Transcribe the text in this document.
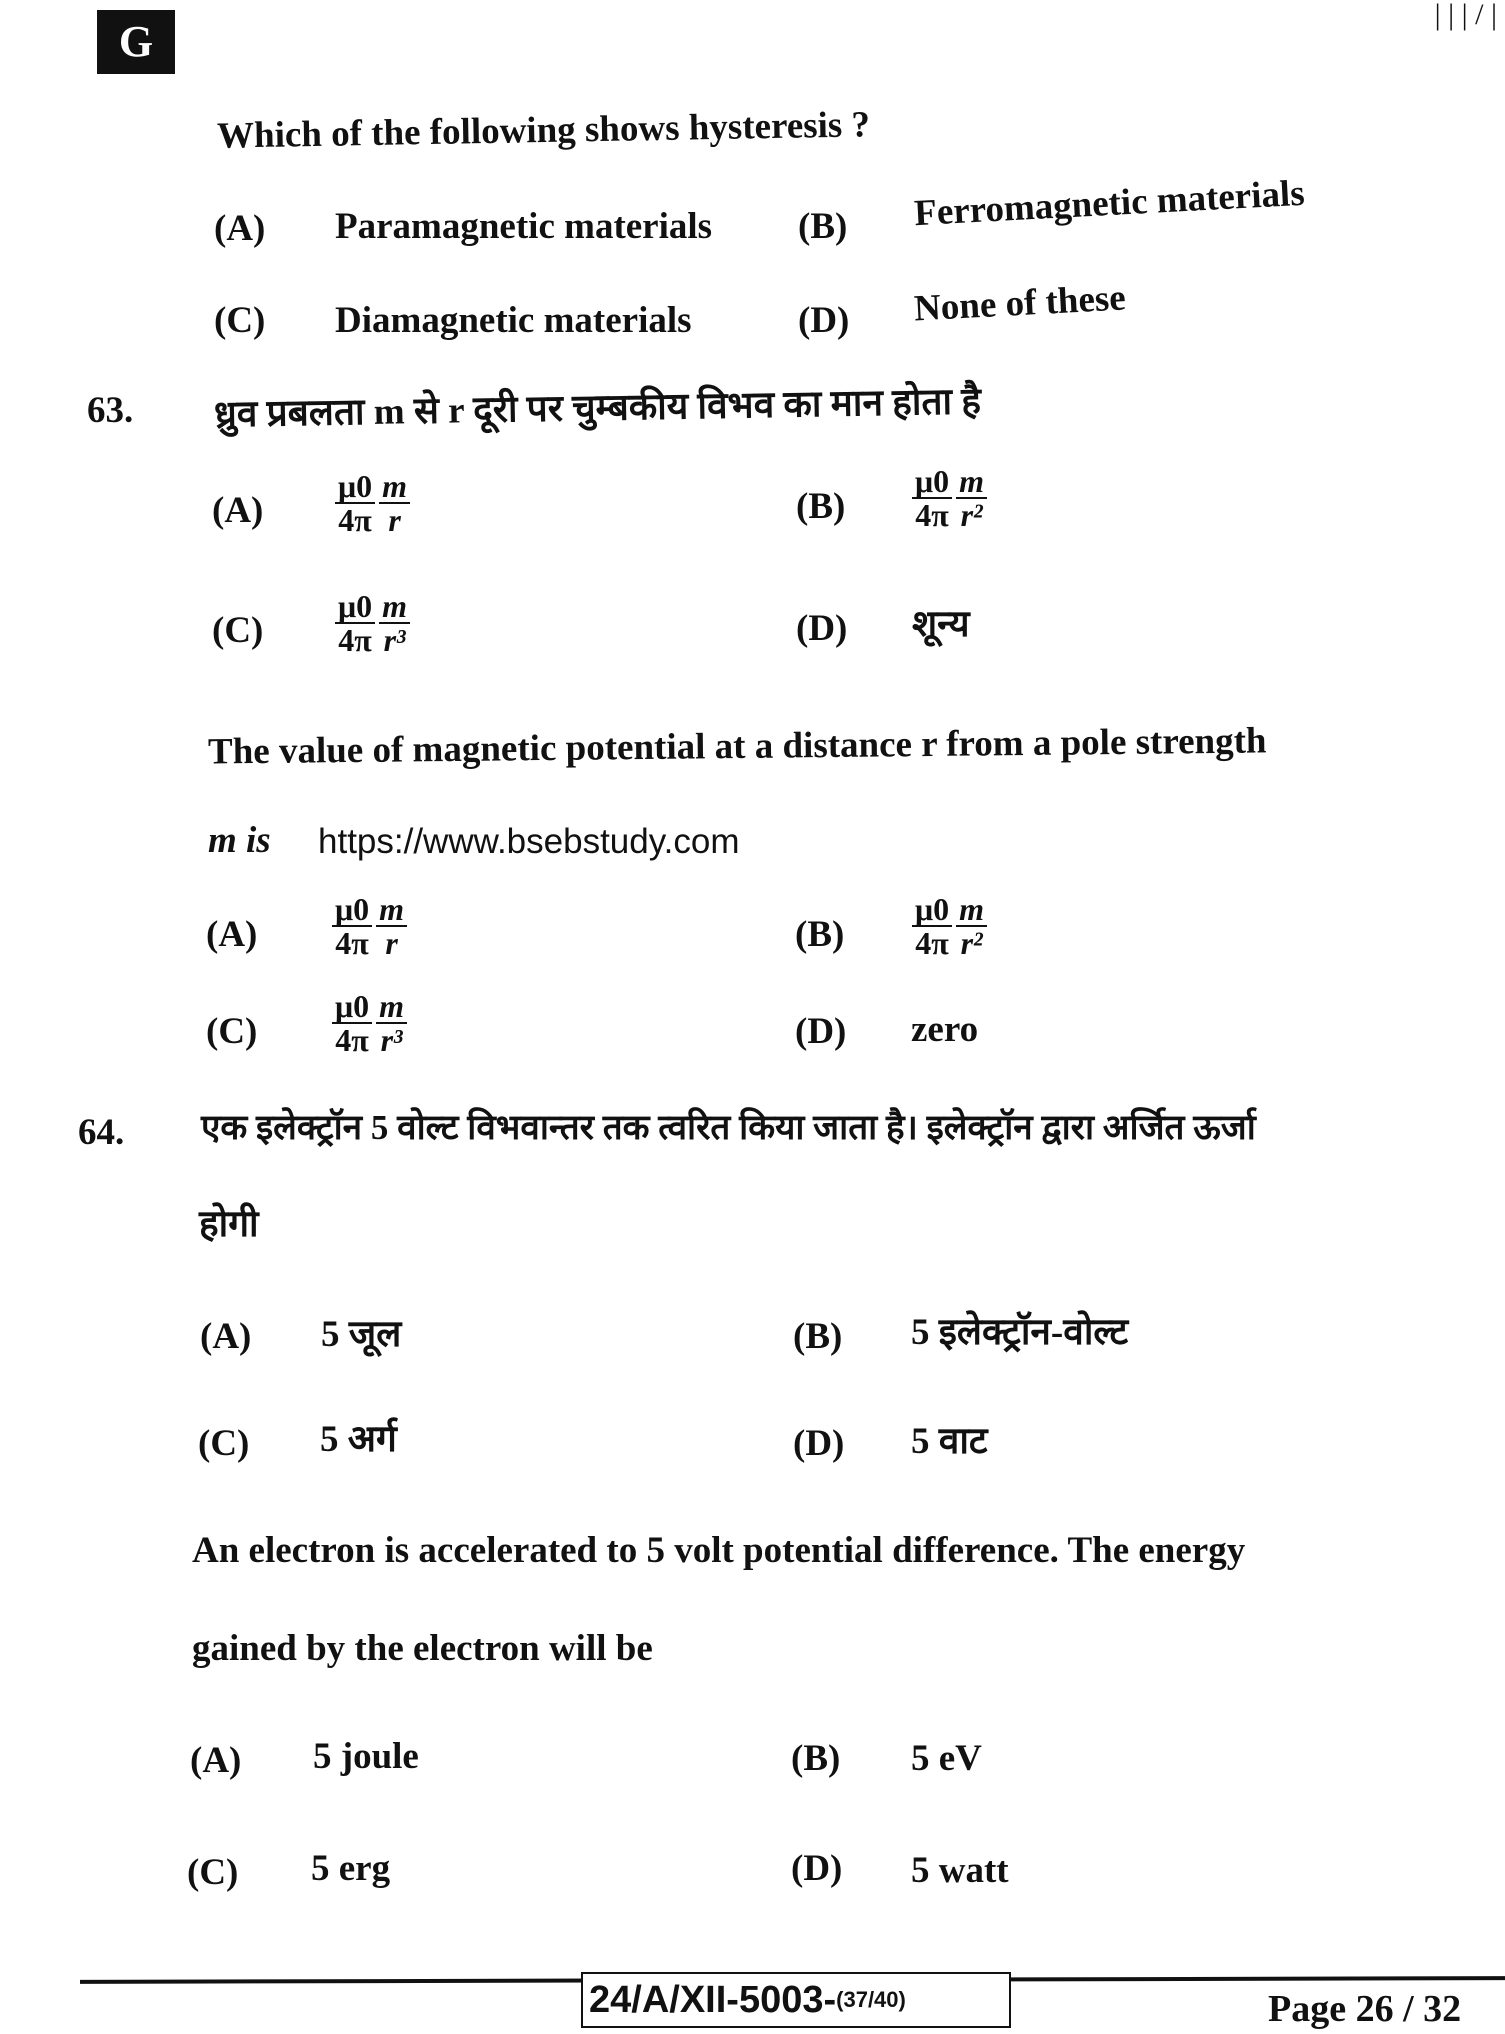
G
| | | / |
Which of the following shows hysteresis ?
(A) Paramagnetic materials (B) Ferromagnetic materials
(C) Diamagnetic materials	(D) None of these
63. ध्रुव प्रबलता m से r दूरी पर चुम्बकीय विभव का मान होता है
(A)
μ0
4π
m
r	(B)
μ0
4π
m
r²
(C)
μ0
4π
m
r³	(D) शून्य
The value of magnetic potential at a distance r from a pole strength
m is https://www.bsebstudy.com
(A)
μ0
4π
m
r	(B)
μ0
4π
m
r²
(C)
μ0
4π
m
r³	(D) zero
64. एक इलेक्ट्रॉन 5 वोल्ट विभवान्तर तक त्वरित किया जाता है। इलेक्ट्रॉन द्वारा अर्जित ऊर्जा
होगी
(A) 5 जूल	(B) 5 इलेक्ट्रॉन-वोल्ट
(C) 5 अर्ग	(D) 5 वाट
An electron is accelerated to 5 volt potential difference. The energy
gained by the electron will be
(A) 5 joule	(B) 5 eV
(C) 5 erg	(D) 5 watt
24/A/XII-5003- (37/40)	Page 26 / 32
